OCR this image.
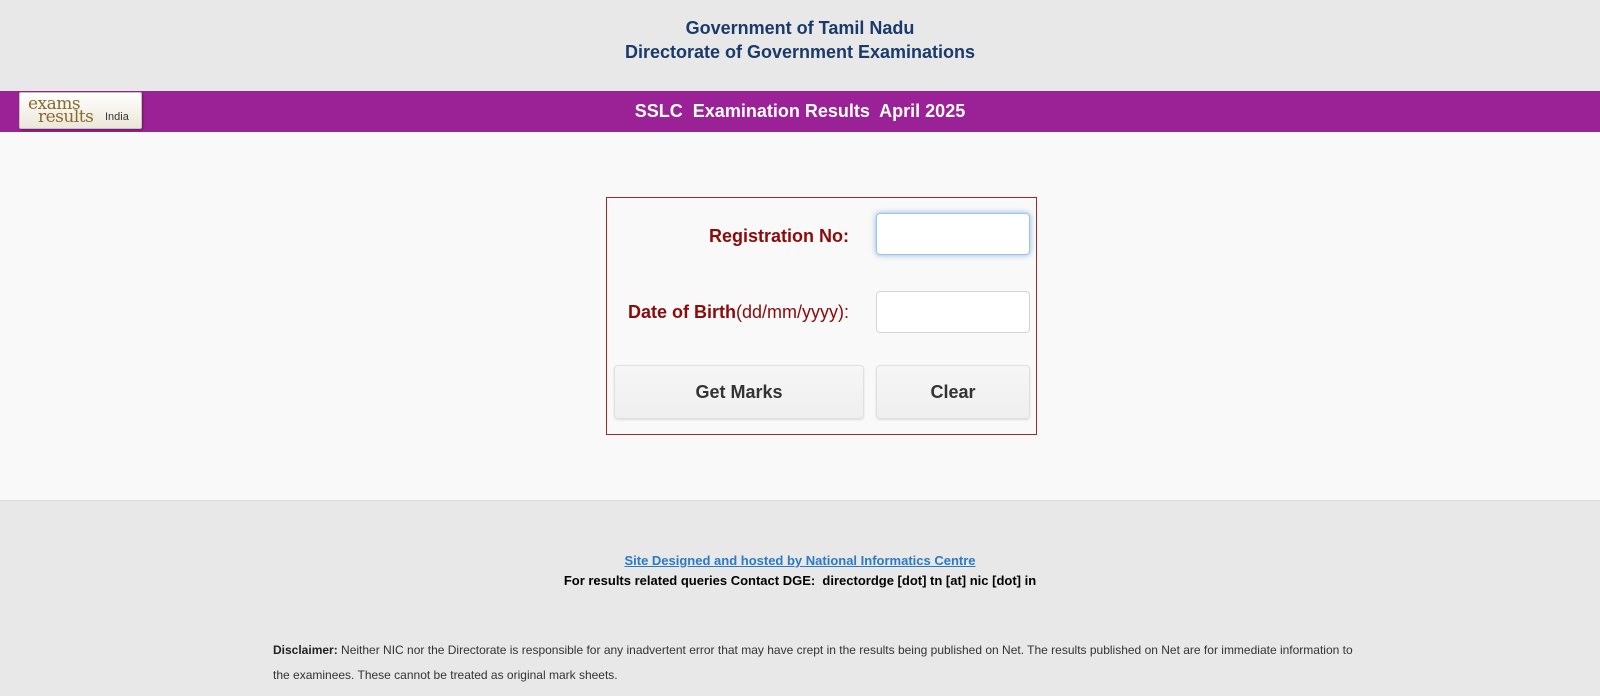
Government of Tamil Nadu
Directorate of Government Examinations
SSLC  Examination Results  April 2025
exams
results India
Registration No:
Date of Birth(dd/mm/yyyy):
Get Marks	Clear
Site Designed and hosted by National Informatics Centre
For results related queries Contact DGE:  directordge [dot] tn [at] nic [dot] in
Disclaimer: Neither NIC nor the Directorate is responsible for any inadvertent error that may have crept in the results being published on Net. The results published on Net are for immediate information to the examinees. These cannot be treated as original mark sheets.
